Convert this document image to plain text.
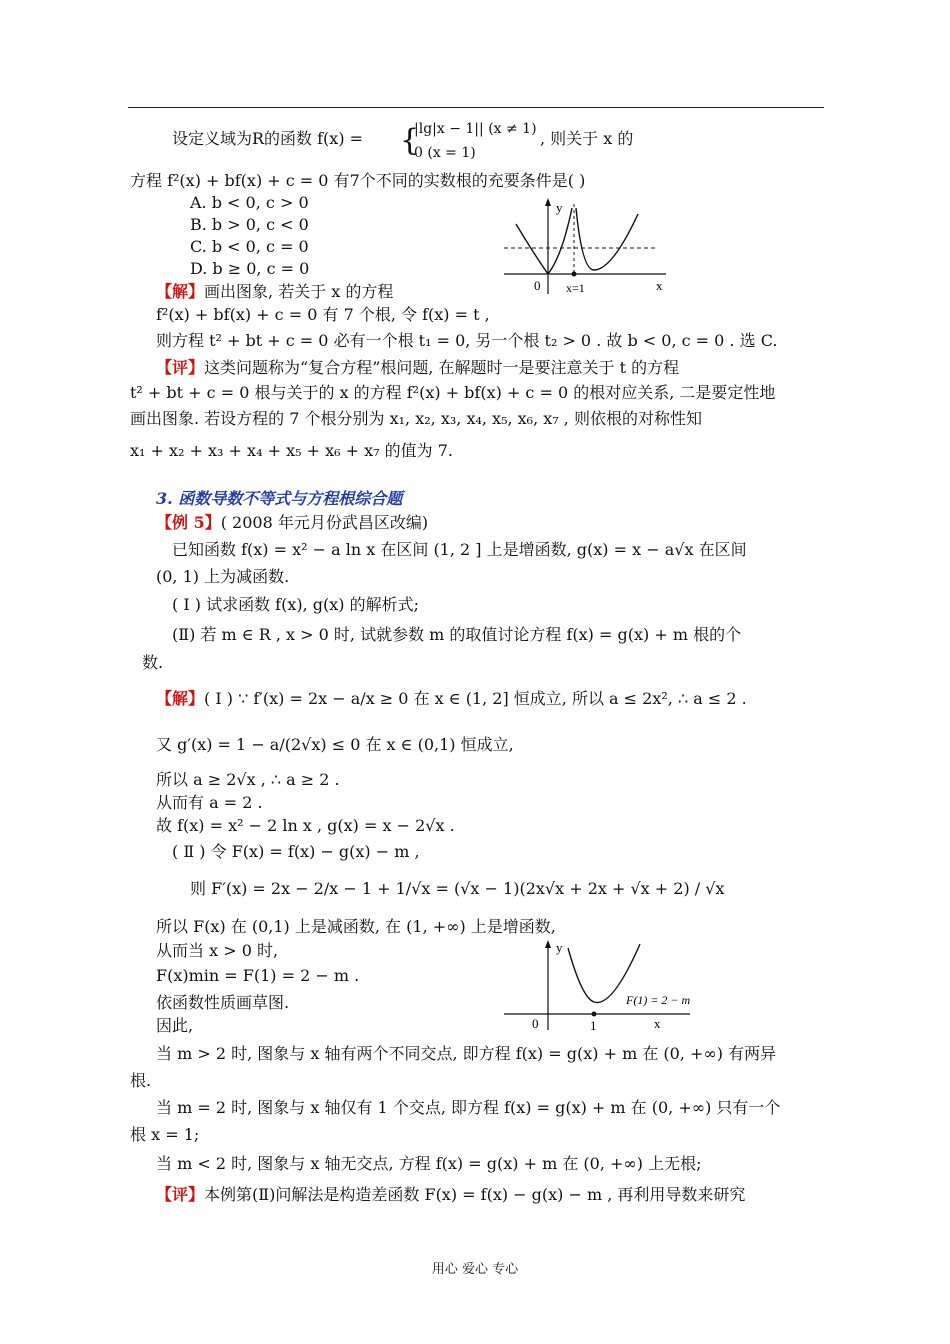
设定义域为R的函数 f(x) = {
|lg|x − 1|| (x ≠ 1)
0 (x = 1)
, 则关于 x 的
方程 f²(x) + bf(x) + c = 0 有7个不同的实数根的充要条件是( )
A. b < 0, c > 0
B. b > 0, c < 0
C. b < 0, c = 0
D. b ≥ 0, c = 0
y
x
0 x=1
【解】画出图象, 若关于 x 的方程
f²(x) + bf(x) + c = 0 有 7 个根, 令 f(x) = t ,
则方程 t² + bt + c = 0 必有一个根 t₁ = 0, 另一个根 t₂ > 0 . 故 b < 0, c = 0 . 选 C.
【评】这类问题称为“复合方程”根问题, 在解题时一是要注意关于 t 的方程
t² + bt + c = 0 根与关于的 x 的方程 f²(x) + bf(x) + c = 0 的根对应关系, 二是要定性地
画出图象. 若设方程的 7 个根分别为 x₁, x₂, x₃, x₄, x₅, x₆, x₇ , 则依根的对称性知
x₁ + x₂ + x₃ + x₄ + x₅ + x₆ + x₇ 的值为 7.
3. 函数导数不等式与方程根综合题
【例 5】( 2008 年元月份武昌区改编)
已知函数 f(x) = x² − a ln x 在区间 (1, 2 ] 上是增函数, g(x) = x − a√x 在区间
(0, 1) 上为减函数.
( Ⅰ ) 试求函数 f(x), g(x) 的解析式;
(Ⅱ) 若 m ∈ R , x > 0 时, 试就参数 m 的取值讨论方程 f(x) = g(x) + m 根的个
数.
【解】( Ⅰ ) ∵ f′(x) = 2x − a/x ≥ 0 在 x ∈ (1, 2] 恒成立, 所以 a ≤ 2x², ∴ a ≤ 2 .
又 g′(x) = 1 − a/(2√x) ≤ 0 在 x ∈ (0,1) 恒成立,
所以 a ≥ 2√x , ∴ a ≥ 2 .
从而有 a = 2 .
故 f(x) = x² − 2 ln x , g(x) = x − 2√x .
( Ⅱ ) 令 F(x) = f(x) − g(x) − m ,
则 F′(x) = 2x − 2/x − 1 + 1/√x = (√x − 1)(2x√x + 2x + √x + 2) / √x
所以 F(x) 在 (0,1) 上是减函数, 在 (1, +∞) 上是增函数,
从而当 x > 0 时,
F(x)min = F(1) = 2 − m .
依函数性质画草图.
因此,
y
x
0	1
F(1) = 2 − m
当 m > 2 时, 图象与 x 轴有两个不同交点, 即方程 f(x) = g(x) + m 在 (0, +∞) 有两异
根.
当 m = 2 时, 图象与 x 轴仅有 1 个交点, 即方程 f(x) = g(x) + m 在 (0, +∞) 只有一个
根 x = 1;
当 m < 2 时, 图象与 x 轴无交点, 方程 f(x) = g(x) + m 在 (0, +∞) 上无根;
【评】本例第(Ⅱ)问解法是构造差函数 F(x) = f(x) − g(x) − m , 再利用导数来研究
用心 爱心 专心
